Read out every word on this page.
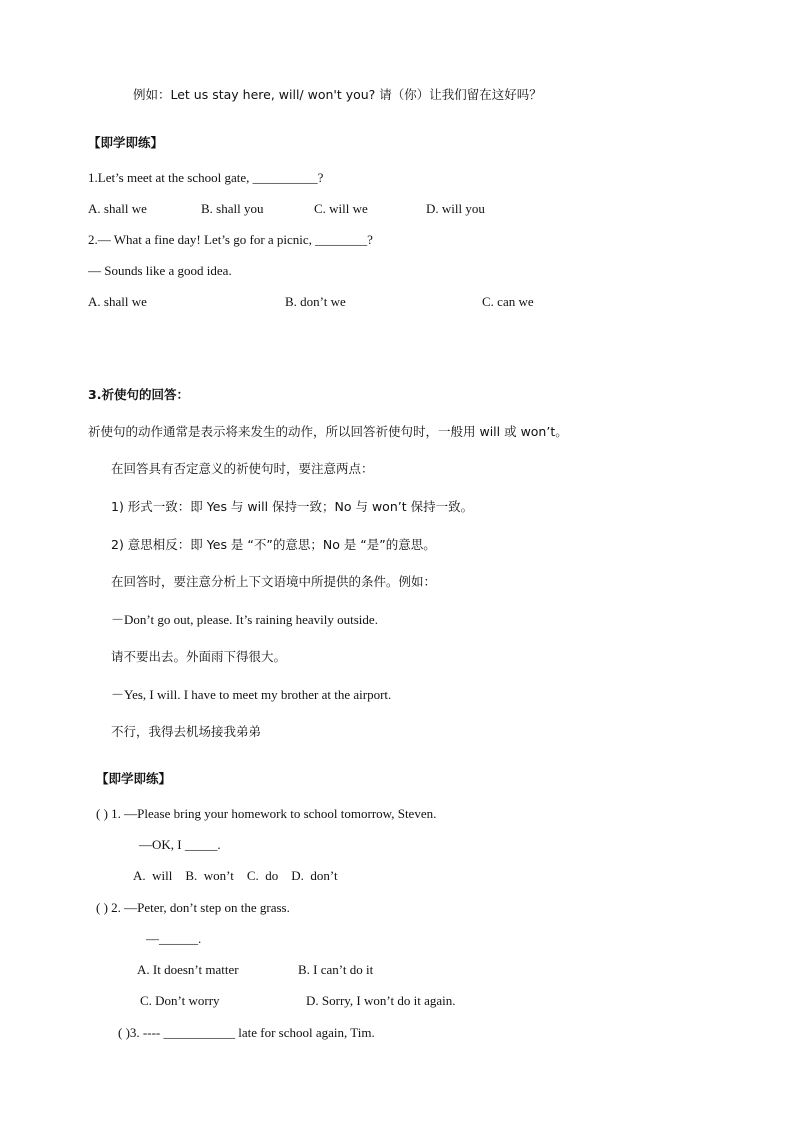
例如：Let us stay here, will/ won't you? 请（你）让我们留在这好吗？
【即学即练】
1.Let’s meet at the school gate, __________?
A. shall we	B. shall you	C. will we	D. will you
2.— What a fine day! Let’s go for a picnic, ________?
— Sounds like a good idea.
A. shall we	B. don’t we	C. can we
3.祈使句的回答：
祈使句的动作通常是表示将来发生的动作，所以回答祈使句时，一般用 will 或 won’t。
在回答具有否定意义的祈使句时，要注意两点：
1) 形式一致：即 Yes 与 will 保持一致；No 与 won’t 保持一致。
2) 意思相反：即 Yes 是 “不”的意思；No 是 “是”的意思。
在回答时，要注意分析上下文语境中所提供的条件。例如：
－Don’t go out, please. It’s raining heavily outside.
请不要出去。外面雨下得很大。
－Yes, I will. I have to meet my brother at the airport.
不行，我得去机场接我弟弟
【即学即练】
( ) 1. —Please bring your homework to school tomorrow, Steven.
—OK, I _____.
A.  will    B.  won’t    C.  do    D.  don’t
( ) 2. —Peter, don’t step on the grass.
—______.
A. It doesn’t matter	B. I can’t do it
C. Don’t worry	D. Sorry, I won’t do it again.
( )3. ---- ___________ late for school again, Tim.
